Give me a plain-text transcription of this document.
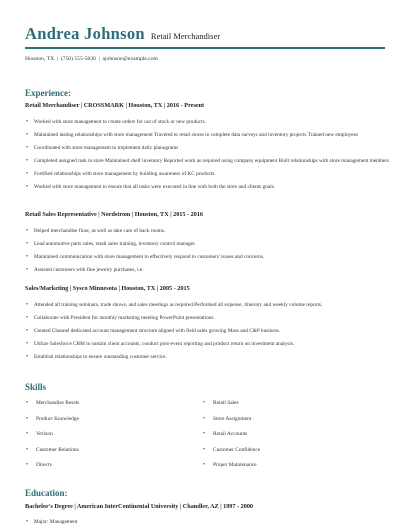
Andrea Johnson Retail Merchandiser
Houston, TX | (750) 555-5830 | ajohnson@example.com
Experience:
Retail Merchandiser | CROSSMARK | Houston, TX | 2016 - Present
• Worked with store management to create orders for out of stock or new products.
• Maintained lasting relationships with store management Traveled to retail stores to complete data surveys and inventory projects Trained new employees
• Coordinated with store management to implement daily planograms
• Completed assigned task in store Maintained shelf inventory Reported work as required using company equipment Built relationships with store management members
• Fortified relationships with store management by building awareness of KC products.
• Worked with store management to ensure that all tasks were executed in line with both the store and clients goals.
Retail Sales Representative | Nordstrom | Houston, TX | 2015 - 2016
• Helped merchandise floor, as well as take care of back rooms.
• Lead automotive parts sales, retail sales training, inventory control manager.
• Maintained communication with store management to effectively respond to customers' issues and concerns.
• Assisted customers with fine jewelry purchases, i.e.
Sales/Marketing | Sysco Minnesota | Houston, TX | 2005 - 2015
• Attended all training seminars, trade shows, and sales meetings as required.Performed all expense, itinerary and weekly volume reports.
• Collaborate with President for monthly marketing meeting PowerPoint presentations.
• Created Channel dedicated account management structure aligned with field sales growing Mass and C&P business.
• Utilize Salesforce CRM to sustain client accounts, conduct post-event reporting and product return on investment analysis.
• Establish relationships to ensure outstanding customer service.
Skills
• Merchandise Resets
• Product Knowledge
• Verizon
• Customer Relations
• Directv
• Retail Sales
• Store Assignment
• Retail Accounts
• Customer Confidence
• Proper Maintenance
Education:
Bachelor's Degree | American InterContinental University | Chandler, AZ | 1997 - 2000
• Major: Management
